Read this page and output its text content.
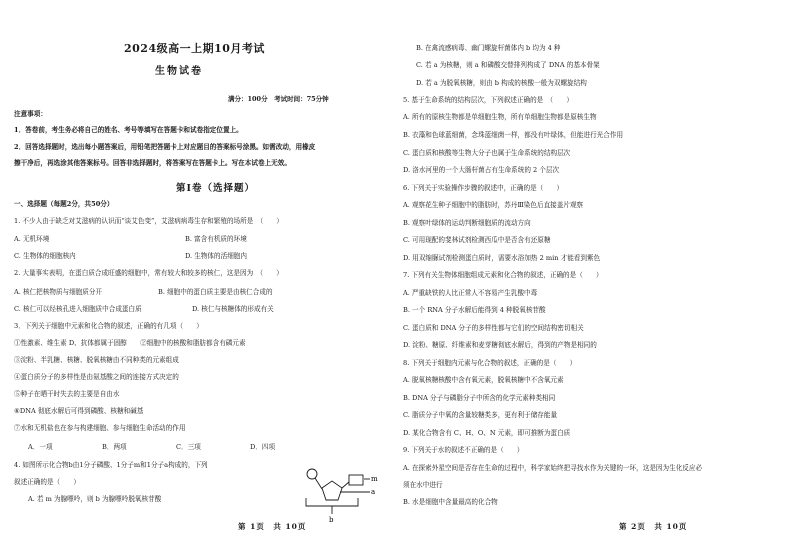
2024级高一上期10月考试
生物试卷
满分：100分　考试时间：75分钟
注意事项：
1．答卷前，考生务必将自己的姓名、考号等填写在答题卡和试卷指定位置上。
2．回答选择题时，选出每小题答案后，用铅笔把答题卡上对应题目的答案标号涂黑。如需改动，用橡皮
擦干净后，再选涂其他答案标号。回答非选择题时，将答案写在答题卡上。写在本试卷上无效。
第Ⅰ卷（选择题）
一、选择题（每题2分，共50分）
1. 不少人由于缺乏对艾滋病的认识而“谈艾色变”，艾滋病病毒生存和繁殖的场所是　（　　）
A. 无机环境	B. 富含有机质的环境
C. 生物体的细胞核内	D. 生物体的活细胞内
2. 大量事实表明，在蛋白质合成旺盛的细胞中，常有较大和较多的核仁，这是因为　（　　）
A. 核仁把核物质与细胞质分开	B. 细胞中的蛋白质主要是由核仁合成的
C. 核仁可以经核孔进入细胞质中合成蛋白质	D. 核仁与核糖体的形成有关
3．下列关于细胞中元素和化合物的叙述，正确的有几项（　　）
①性激素、维生素 D、抗体都属于固醇　　②细胞中的核酸和脂肪都含有磷元素
③淀粉、半乳糖、核糖、脱氧核糖由不同种类的元素组成
④蛋白质分子的多样性是由氨基酸之间的连接方式决定的
⑤种子在晒干时失去的主要是自由水
⑥DNA 彻底水解后可得到磷酸、核糖和碱基
⑦水和无机盐也在参与构建细胞、参与细胞生命活动的作用
A．一项	B．两项	C．三项	D．四项
4. 如图所示化合物b由1分子磷酸、1分子m和1分子a构成的，下列
叙述正确的是（　　）
A. 若 m 为腺嘌呤，则 b 为腺嘌呤脱氧核苷酸
m
a
b
第 1页　共 10页
B. 在禽流感病毒、幽门螺旋杆菌体内 b 均为 4 种
C. 若 a 为核糖，则 a 和磷酸交替排列构成了 DNA 的基本骨架
D. 若 a 为脱氧核糖，则由 b 构成的核酸一般为双螺旋结构
5. 基于生命系统的结构层次，下列叙述正确的是　（　　）
A. 所有的原核生物都是单细胞生物，所有单细胞生物都是原核生物
B. 衣藻和色球蓝细菌，念珠蓝细菌一样，都没有叶绿体，但能进行光合作用
C. 蛋白质和核酸等生物大分子也属于生命系统的结构层次
D. 洛水河里的一个大肠杆菌占有生命系统的 2 个层次
6. 下列关于实验操作步骤的叙述中，正确的是（　　）
A. 观察花生种子细胞中的脂肪时，苏丹Ⅲ染色后直接盖片观察
B. 观察叶绿体的运动判断细胞质的流动方向
C. 可用现配的斐林试剂检测西瓜中是否含有还原糖
D. 用双缩脲试剂检测蛋白质时，需要水浴加热 2 min 才能看到紫色
7. 下列有关生物体细胞组成元素和化合物的叙述，正确的是（　　）
A. 严重缺铁的人比正常人不容易产生乳酸中毒
B. 一个 RNA 分子水解后能得到 4 种脱氧核苷酸
C. 蛋白质和 DNA 分子的多样性都与它们的空间结构密切相关
D. 淀粉、糖原、纤维素和麦芽糖彻底水解后，得到的产物是相同的
8. 下列关于细胞内元素与化合物的叙述，正确的是（　　）
A. 脱氧核糖核酸中含有氧元素，脱氧核糖中不含氧元素
B. DNA 分子与磷脂分子中所含的化学元素种类相同
C. 脂质分子中氧的含量较糖类多，更有利于储存能量
D. 某化合物含有 C、H、O、N 元素，即可推断为蛋白质
9. 下列关于水的叙述不正确的是（　　）
A. 在探索外星空间是否存在生命的过程中，科学家始终把寻找水作为关键的一环，这是因为生化反应必
须在水中进行
B. 水是细胞中含量最高的化合物
第 2页　共 10页
